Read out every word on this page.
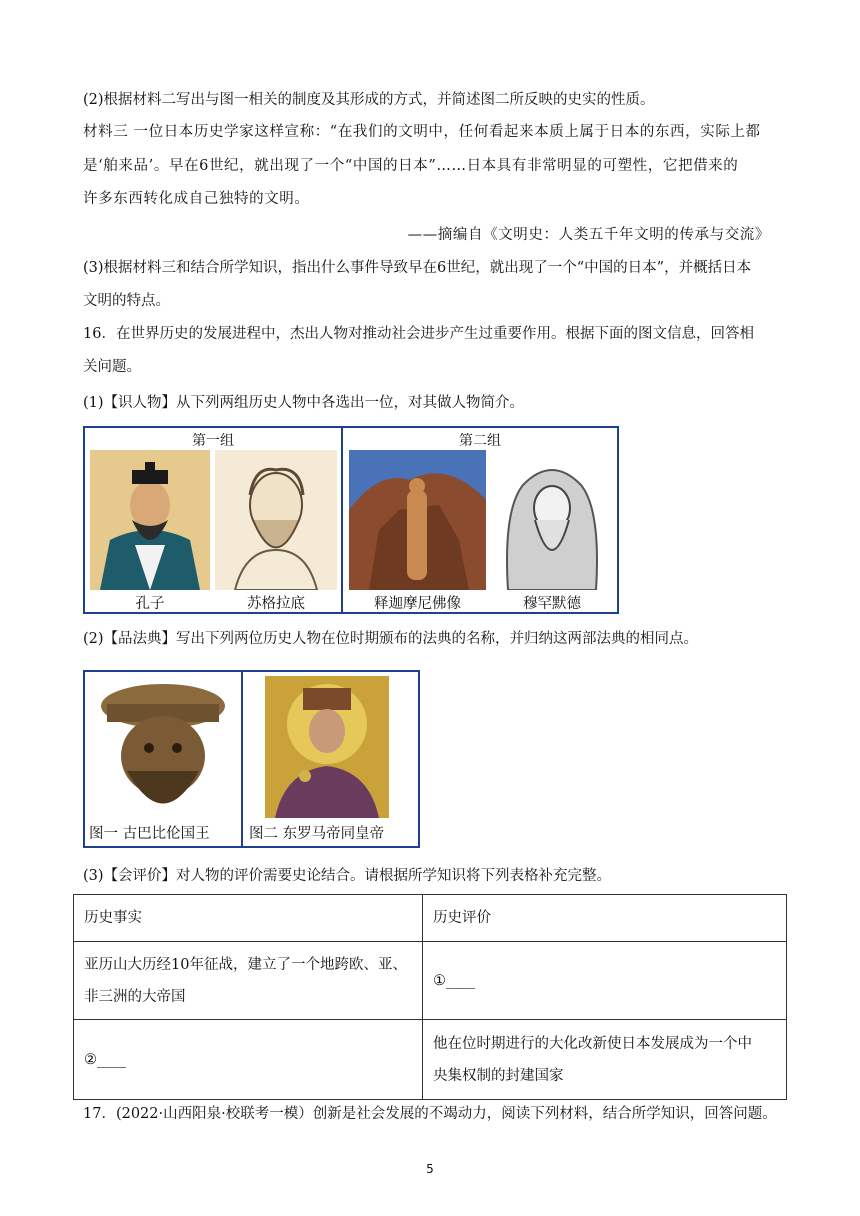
(2)根据材料二写出与图一相关的制度及其形成的方式，并简述图二所反映的史实的性质。
材料三 一位日本历史学家这样宣称：“在我们的文明中，任何看起来本质上属于日本的东西，实际上都
是‘舶来品’。早在6世纪，就出现了一个“中国的日本”……日本具有非常明显的可塑性，它把借来的
许多东西转化成自己独特的文明。
——摘编自《文明史：人类五千年文明的传承与交流》
(3)根据材料三和结合所学知识，指出什么事件导致早在6世纪，就出现了一个“中国的日本”，并概括日本
文明的特点。
16．在世界历史的发展进程中，杰出人物对推动社会进步产生过重要作用。根据下面的图文信息，回答相
关问题。
(1)【识人物】从下列两组历史人物中各选出一位，对其做人物简介。
第一组
孔子	苏格拉底
第二组
释迦摩尼佛像	穆罕默德
(2)【品法典】写出下列两位历史人物在位时期颁布的法典的名称，并归纳这两部法典的相同点。
图一 古巴比伦国王	图二 东罗马帝同皇帝
(3)【会评价】对人物的评价需要史论结合。请根据所学知识将下列表格补充完整。
历史事实	历史评价

亚历山大历经10年征战，建立了一个地跨欧、亚、
非三洲的大帝国	①____
②____	他在位时期进行的大化改新使日本发展成为一个中
央集权制的封建国家
17．(2022·山西阳泉·校联考一模）创新是社会发展的不竭动力，阅读下列材料，结合所学知识，回答问题。
5
